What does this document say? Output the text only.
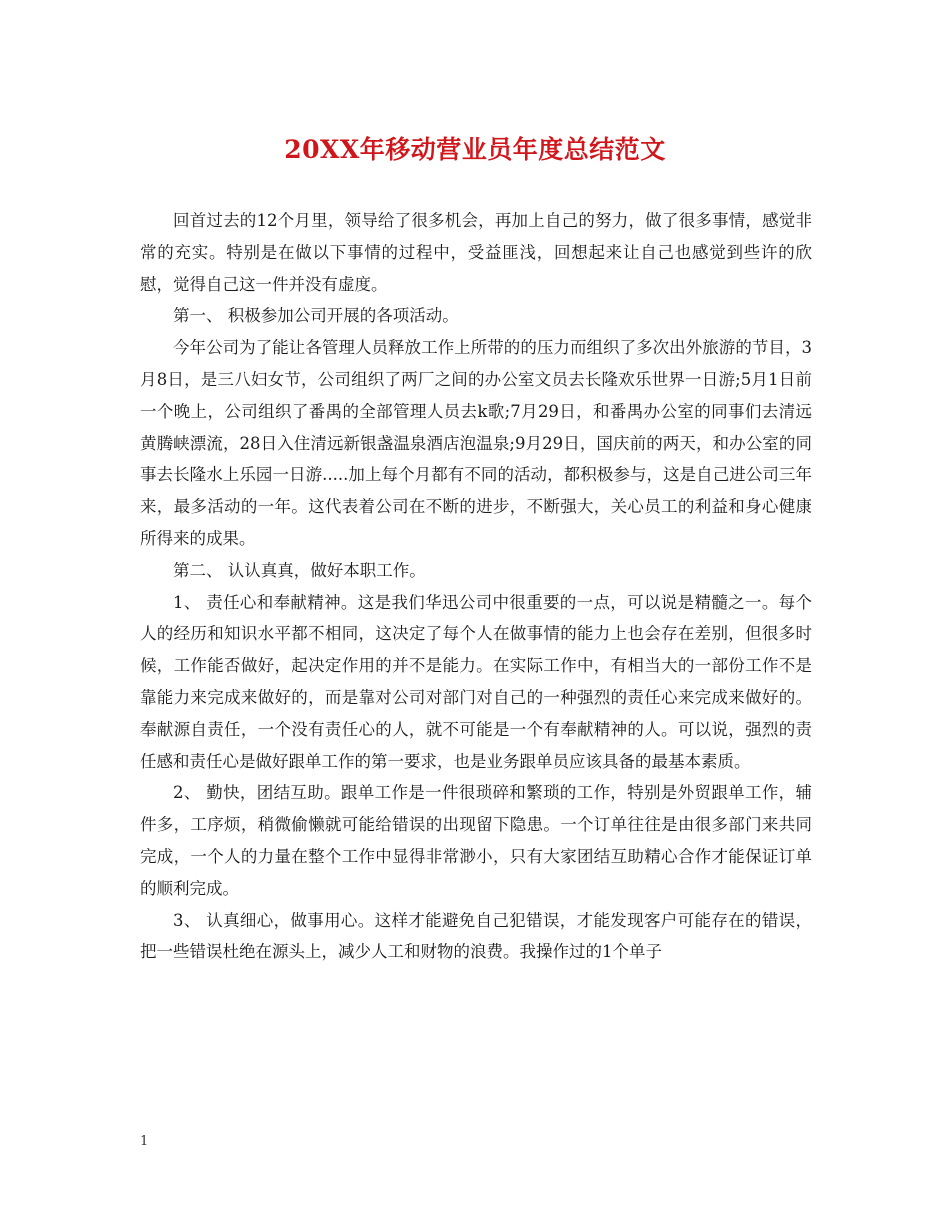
20XX年移动营业员年度总结范文

回首过去的12个月里，领导给了很多机会，再加上自己的努力，做了很多事情，感觉非常的充实。特别是在做以下事情的过程中，受益匪浅，回想起来让自己也感觉到些许的欣慰，觉得自己这一件并没有虚度。

第一、 积极参加公司开展的各项活动。

今年公司为了能让各管理人员释放工作上所带的的压力而组织了多次出外旅游的节目，3月8日，是三八妇女节，公司组织了两厂之间的办公室文员去长隆欢乐世界一日游;5月1日前一个晚上，公司组织了番禺的全部管理人员去k歌;7月29日，和番禺办公室的同事们去清远黄腾峡漂流，28日入住清远新银盏温泉酒店泡温泉;9月29日，国庆前的两天，和办公室的同事去长隆水上乐园一日游.....加上每个月都有不同的活动，都积极参与，这是自己进公司三年来，最多活动的一年。这代表着公司在不断的进步，不断强大，关心员工的利益和身心健康所得来的成果。

第二、 认认真真，做好本职工作。

1、 责任心和奉献精神。这是我们华迅公司中很重要的一点，可以说是精髓之一。每个人的经历和知识水平都不相同，这决定了每个人在做事情的能力上也会存在差别，但很多时候，工作能否做好，起决定作用的并不是能力。在实际工作中，有相当大的一部份工作不是靠能力来完成来做好的，而是靠对公司对部门对自己的一种强烈的责任心来完成来做好的。奉献源自责任，一个没有责任心的人，就不可能是一个有奉献精神的人。可以说，强烈的责任感和责任心是做好跟单工作的第一要求，也是业务跟单员应该具备的最基本素质。

2、 勤快，团结互助。跟单工作是一件很琐碎和繁琐的工作，特别是外贸跟单工作，辅件多，工序烦，稍微偷懒就可能给错误的出现留下隐患。一个订单往往是由很多部门来共同完成，一个人的力量在整个工作中显得非常渺小，只有大家团结互助精心合作才能保证订单的顺利完成。

3、 认真细心，做事用心。这样才能避免自己犯错误，才能发现客户可能存在的错误，把一些错误杜绝在源头上，减少人工和财物的浪费。我操作过的1个单子

1
